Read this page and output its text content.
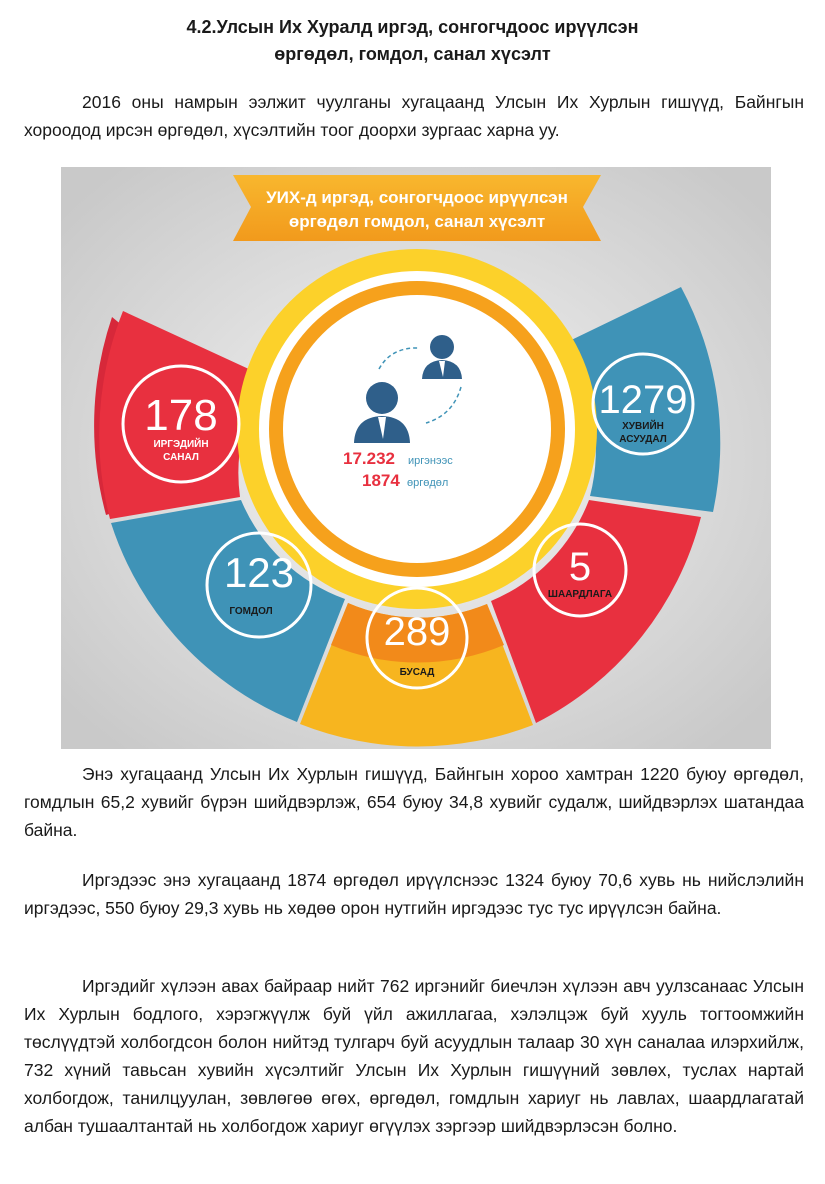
4.2.Улсын Их Хуралд иргэд, сонгогчдоос ирүүлсэн
өргөдөл, гомдол, санал хүсэлт

2016 оны намрын ээлжит чуулганы хугацаанд Улсын Их Хурлын гишүүд, Байнгын хороодод ирсэн өргөдөл, хүсэлтийн тоог доорхи зургаас харна уу.

17.232 иргэнээс
1874 өргөдөл
178
ИРГЭДИЙН
САНАЛ
1279
ХУВИЙН
АСУУДАЛ
123
ГОМДОЛ	289
БУСАД
5
ШААРДЛАГА
УИХ-д иргэд, сонгогчдоос ирүүлсэн
өргөдөл гомдол, санал хүсэлт

Энэ хугацаанд Улсын Их Хурлын гишүүд, Байнгын хороо хамтран 1220 буюу өргөдөл, гомдлын 65,2 хувийг бүрэн шийдвэрлэж, 654 буюу 34,8 хувийг судалж, шийдвэрлэх шатандаа байна.

Иргэдээс энэ хугацаанд 1874 өргөдөл ирүүлснээс 1324 буюу 70,6 хувь нь нийслэлийн иргэдээс, 550 буюу 29,3 хувь нь хөдөө орон нутгийн иргэдээс тус тус ирүүлсэн байна.

Иргэдийг хүлээн авах байраар нийт 762 иргэнийг биечлэн хүлээн авч уулзсанаас Улсын Их Хурлын бодлого, хэрэгжүүлж буй үйл ажиллагаа, хэлэлцэж буй хууль тогтоомжийн төслүүдтэй холбогдсон болон нийтэд тулгарч буй асуудлын талаар 30 хүн саналаа илэрхийлж, 732 хүний тавьсан хувийн хүсэлтийг Улсын Их Хурлын гишүүний зөвлөх, туслах нартай холбогдож, танилцуулан, зөвлөгөө өгөх, өргөдөл, гомдлын хариуг нь лавлах, шаардлагатай албан тушаалтантай нь холбогдож хариуг өгүүлэх зэргээр шийдвэрлэсэн болно.
